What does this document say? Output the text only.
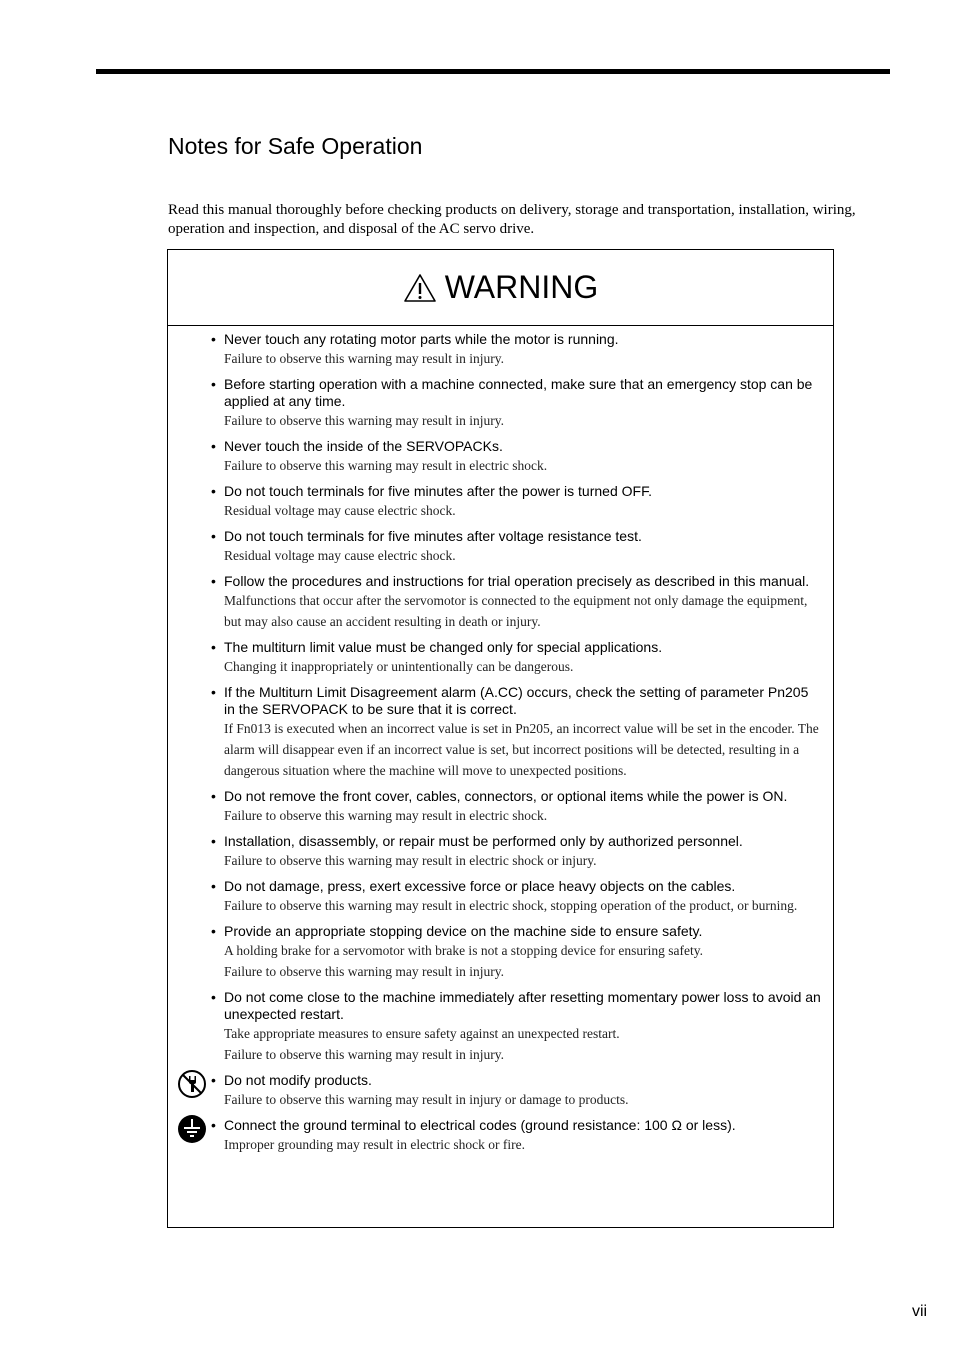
Notes for Safe Operation

Read this manual thoroughly before checking products on delivery, storage and transportation, installation, wiring, operation and inspection, and disposal of the AC servo drive.

WARNING
• Never touch any rotating motor parts while the motor is running.
Failure to observe this warning may result in injury.
• Before starting operation with a machine connected, make sure that an emergency stop can be applied at any time.
Failure to observe this warning may result in injury.
• Never touch the inside of the SERVOPACKs.
Failure to observe this warning may result in electric shock.
• Do not touch terminals for five minutes after the power is turned OFF.
Residual voltage may cause electric shock.
• Do not touch terminals for five minutes after voltage resistance test.
Residual voltage may cause electric shock.
• Follow the procedures and instructions for trial operation precisely as described in this manual.
Malfunctions that occur after the servomotor is connected to the equipment not only damage the equipment, but may also cause an accident resulting in death or injury.
• The multiturn limit value must be changed only for special applications.
Changing it inappropriately or unintentionally can be dangerous.
• If the Multiturn Limit Disagreement alarm (A.CC) occurs, check the setting of parameter Pn205 in the SERVOPACK to be sure that it is correct.
If Fn013 is executed when an incorrect value is set in Pn205, an incorrect value will be set in the encoder. The alarm will disappear even if an incorrect value is set, but incorrect positions will be detected, resulting in a dangerous situation where the machine will move to unexpected positions.
• Do not remove the front cover, cables, connectors, or optional items while the power is ON.
Failure to observe this warning may result in electric shock.
• Installation, disassembly, or repair must be performed only by authorized personnel.
Failure to observe this warning may result in electric shock or injury.
• Do not damage, press, exert excessive force or place heavy objects on the cables.
Failure to observe this warning may result in electric shock, stopping operation of the product, or burning.
• Provide an appropriate stopping device on the machine side to ensure safety.
A holding brake for a servomotor with brake is not a stopping device for ensuring safety.
Failure to observe this warning may result in injury.
• Do not come close to the machine immediately after resetting momentary power loss to avoid an unexpected restart.
Take appropriate measures to ensure safety against an unexpected restart.
Failure to observe this warning may result in injury.
• Do not modify products.
Failure to observe this warning may result in injury or damage to products.
• Connect the ground terminal to electrical codes (ground resistance: 100 Ω or less).
Improper grounding may result in electric shock or fire.
vii
